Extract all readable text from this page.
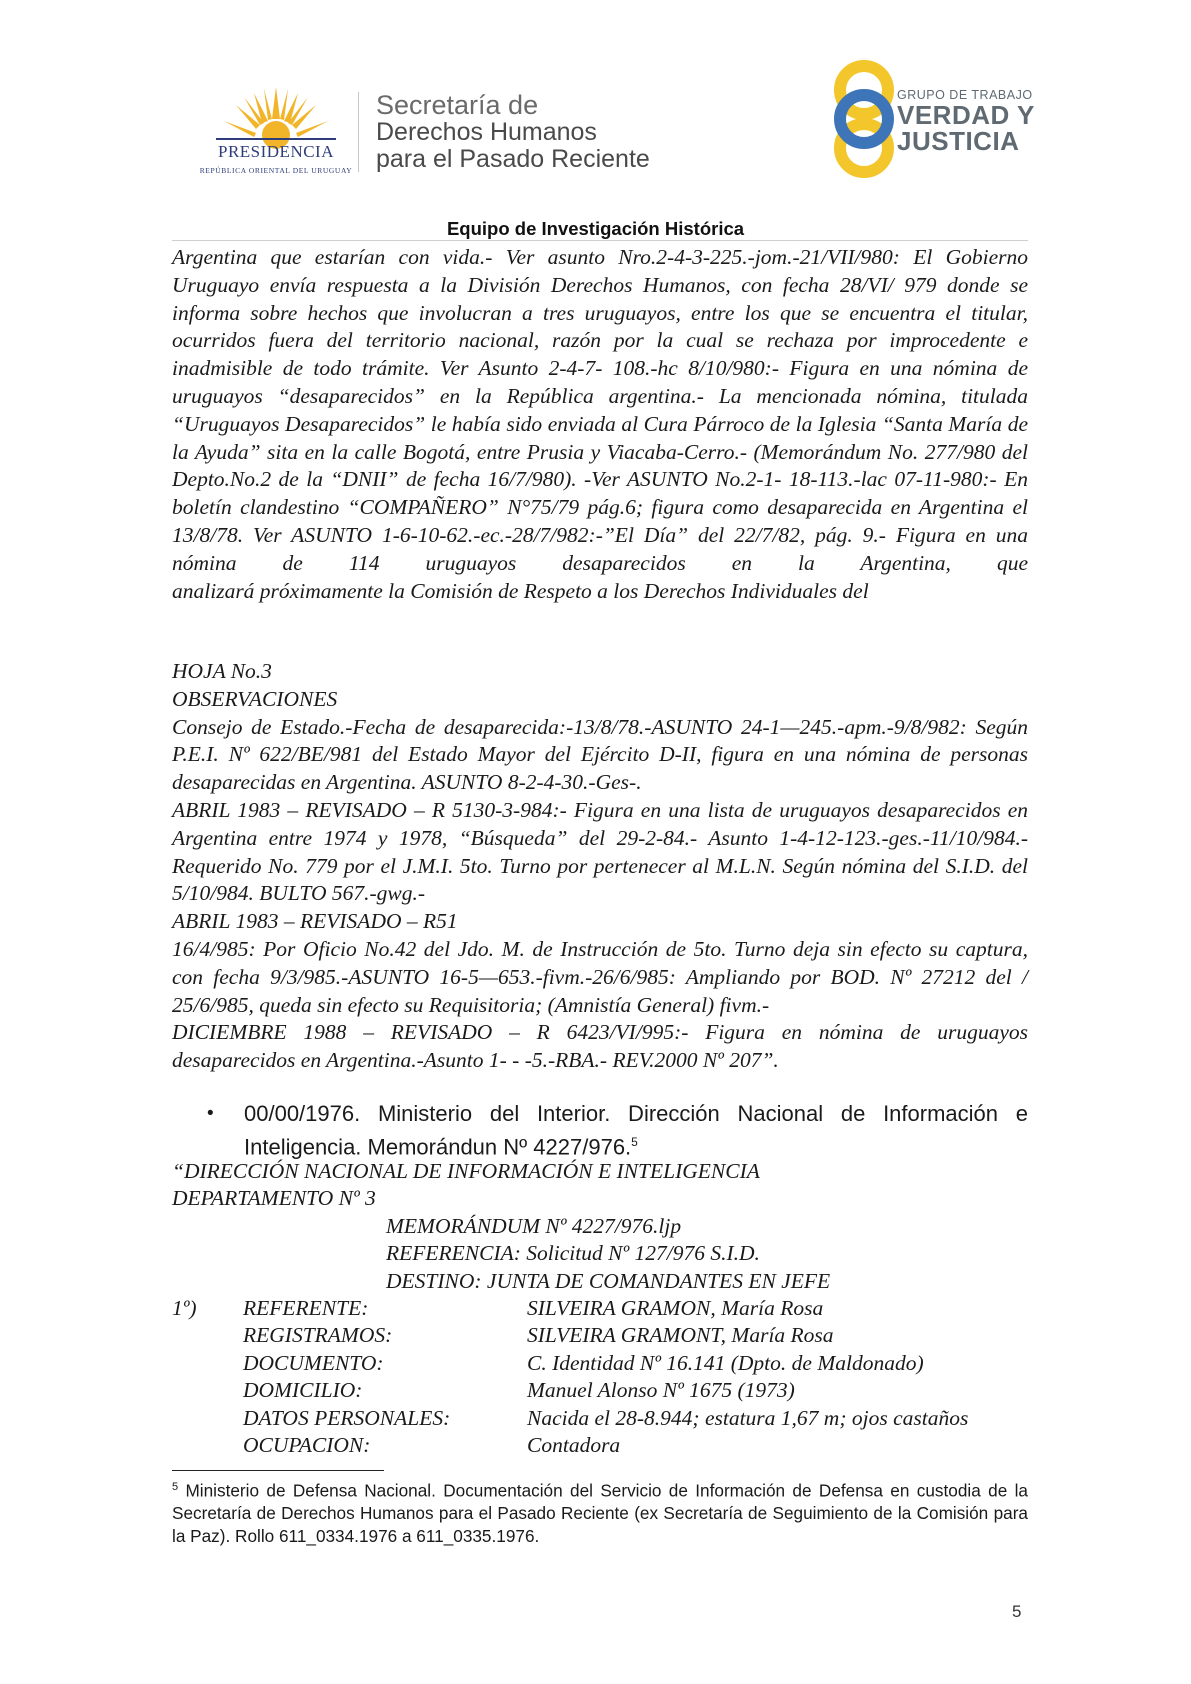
PRESIDENCIA
REPÚBLICA ORIENTAL DEL URUGUAY
Secretaría de
Derechos Humanos
para el Pasado Reciente
GRUPO DE TRABAJO
VERDAD Y
JUSTICIA
Equipo de Investigación Histórica

Argentina que estarían con vida.- Ver asunto Nro.2-4-3-225.-jom.-21/VII/980: El Gobierno Uruguayo envía respuesta a la División Derechos Humanos, con fecha 28/VI/ 979 donde se informa sobre hechos que involucran a tres uruguayos, entre los que se encuentra el titular, ocurridos fuera del territorio nacional, razón por la cual se rechaza por improcedente e inadmisible de todo trámite. Ver Asunto 2-4-7- 108.-hc 8/10/980:- Figura en una nómina de uruguayos “desaparecidos” en la República argentina.- La mencionada nómina, titulada “Uruguayos Desaparecidos” le había sido enviada al Cura Párroco de la Iglesia “Santa María de la Ayuda” sita en la calle Bogotá, entre Prusia y Viacaba-Cerro.- (Memorándum No. 277/980 del Depto.No.2 de la “DNII” de fecha 16/7/980). -Ver ASUNTO No.2-1- 18-113.-lac 07-11-980:- En boletín clandestino “COMPAÑERO” N°75/79 pág.6; figura como desaparecida en Argentina el 13/8/78. Ver ASUNTO 1-6-10-62.-ec.-28/7/982:-”El Día” del 22/7/82, pág. 9.- Figura en una nómina de 114 uruguayos desaparecidos en la Argentina, que

analizará próximamente la Comisión de Respeto a los Derechos Individuales del

HOJA No.3

OBSERVACIONES

Consejo de Estado.-Fecha de desaparecida:-13/8/78.-ASUNTO 24-1—245.-apm.-9/8/982: Según P.E.I. Nº 622/BE/981 del Estado Mayor del Ejército D-II, figura en una nómina de personas desaparecidas en Argentina. ASUNTO 8-2-4-30.-Ges-.

ABRIL 1983 – REVISADO – R 5130-3-984:- Figura en una lista de uruguayos desaparecidos en Argentina entre 1974 y 1978, “Búsqueda” del 29-2-84.- Asunto 1-4-12-123.-ges.-11/10/984.- Requerido No. 779 por el J.M.I. 5to. Turno por pertenecer al M.L.N. Según nómina del S.I.D. del 5/10/984. BULTO 567.-gwg.-

ABRIL 1983 – REVISADO – R51

16/4/985: Por Oficio No.42 del Jdo. M. de Instrucción de 5to. Turno deja sin efecto su captura, con fecha 9/3/985.-ASUNTO 16-5—653.-fivm.-26/6/985: Ampliando por BOD. Nº 27212 del / 25/6/985, queda sin efecto su Requisitoria; (Amnistía General) fivm.-

DICIEMBRE 1988 – REVISADO – R 6423/VI/995:- Figura en nómina de uruguayos desaparecidos en Argentina.-Asunto 1- - -5.-RBA.- REV.2000 Nº 207”.

• 00/00/1976. Ministerio del Interior. Dirección Nacional de Información e Inteligencia. Memorándun Nº 4227/976.$^5$
“DIRECCIÓN NACIONAL DE INFORMACIÓN E INTELIGENCIA
DEPARTAMENTO Nº 3
MEMORÁNDUM Nº 4227/976.ljp
REFERENCIA: Solicitud Nº 127/976 S.I.D.
DESTINO: JUNTA DE COMANDANTES EN JEFE
1º) REFERENTE:	SILVEIRA GRAMON, María Rosa
REGISTRAMOS:	SILVEIRA GRAMONT, María Rosa
DOCUMENTO:	C. Identidad Nº 16.141 (Dpto. de Maldonado)
DOMICILIO:	Manuel Alonso Nº 1675 (1973)
DATOS PERSONALES:	Nacida el 28-8.944; estatura 1,67 m; ojos castaños
OCUPACION:	Contadora
$^5$ Ministerio de Defensa Nacional. Documentación del Servicio de Información de Defensa en custodia de la Secretaría de Derechos Humanos para el Pasado Reciente (ex Secretaría de Seguimiento de la Comisión para la Paz). Rollo 611_0334.1976 a 611_0335.1976.
5
